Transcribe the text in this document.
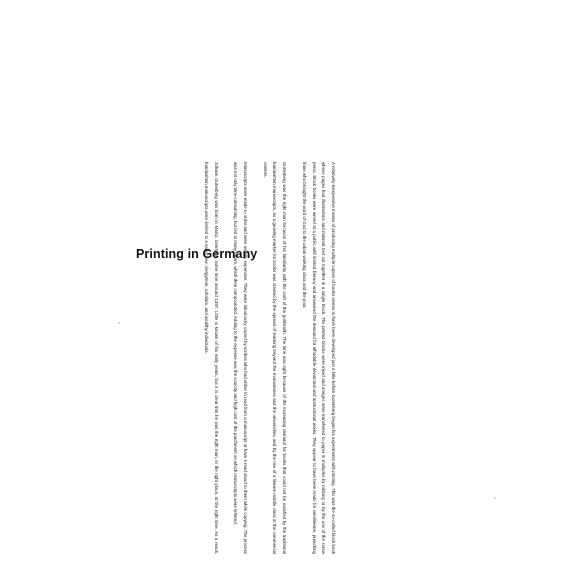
Printing in Germany	A relatively inexpensive means of producing multiple copies of books seems to have been developed just a little before Gutenberg began his experiments with printing. This was the so-called block book whose pages had illustrations and minimal text cut together in a single block. The printed blocks were inked and images were transferred to paper in multiples by rubbing or by the use of the screw press. Block books were aimed at a public with limited literacy and answered the demand for affordable devotional and instructional works. They appear to have been made for semiliterate, preaching friars who brought the word of God to the urban working class and the poor.

Gutenberg was the right man because of his familiarity with the craft of the goldsmith. The time was right because of the increasing demand for books that could not be satisfied by the traditional handwritten manuscripts, as a growing market for books was created by the spread of learning beyond the monasteries and the universities, and by the rise of a literate middle class in the commercial centers.

Manuscripts were made to order and were usually expensive. They were laboriously copied by scribes who had either to read from a manuscript or have it read aloud to them while copying. The process was not only time-consuming, but led to many errors, which then compounded. Adding to the expense was the scarcity and high cost of the parchment on which manuscripts were lettered.

Johann Gutenberg was born in Mainz, Germany, some time around 1397. Little is known of his early years, but it is clear that he was the right man, in the right place, at the right time. As a result, handwritten manuscripts were limited to a select few: clergymen, scholars, and wealthy individuals.
